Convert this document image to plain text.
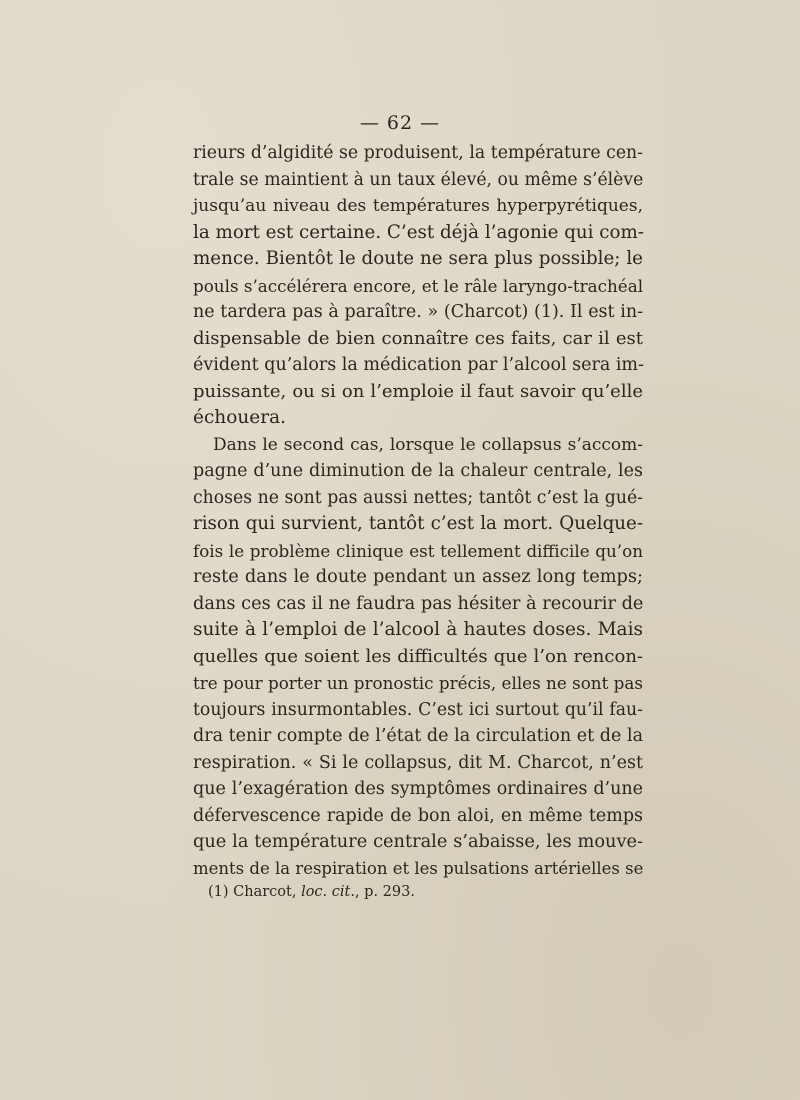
— 62 —
rieurs d’algidité se produisent, la température cen-
trale se maintient à un taux élevé, ou même s’élève
jusqu’au niveau des températures hyperpyrétiques,
la mort est certaine. C’est déjà l’agonie qui com-
mence. Bientôt le doute ne sera plus possible; le
pouls s’accélérera encore, et le râle laryngo-trachéal
ne tardera pas à paraître. » (Charcot) (1). Il est in-
dispensable de bien connaître ces faits, car il est
évident qu’alors la médication par l’alcool sera im-
puissante, ou si on l’emploie il faut savoir qu’elle
échouera.
Dans le second cas, lorsque le collapsus s’accom-
pagne d’une diminution de la chaleur centrale, les
choses ne sont pas aussi nettes; tantôt c’est la gué-
rison qui survient, tantôt c’est la mort. Quelque-
fois le problème clinique est tellement difficile qu’on
reste dans le doute pendant un assez long temps;
dans ces cas il ne faudra pas hésiter à recourir de
suite à l’emploi de l’alcool à hautes doses. Mais
quelles que soient les difficultés que l’on rencon-
tre pour porter un pronostic précis, elles ne sont pas
toujours insurmontables. C’est ici surtout qu’il fau-
dra tenir compte de l’état de la circulation et de la
respiration. « Si le collapsus, dit M. Charcot, n’est
que l’exagération des symptômes ordinaires d’une
défervescence rapide de bon aloi, en même temps
que la température centrale s’abaisse, les mouve-
ments de la respiration et les pulsations artérielles se
(1) Charcot, loc. cit., p. 293.
